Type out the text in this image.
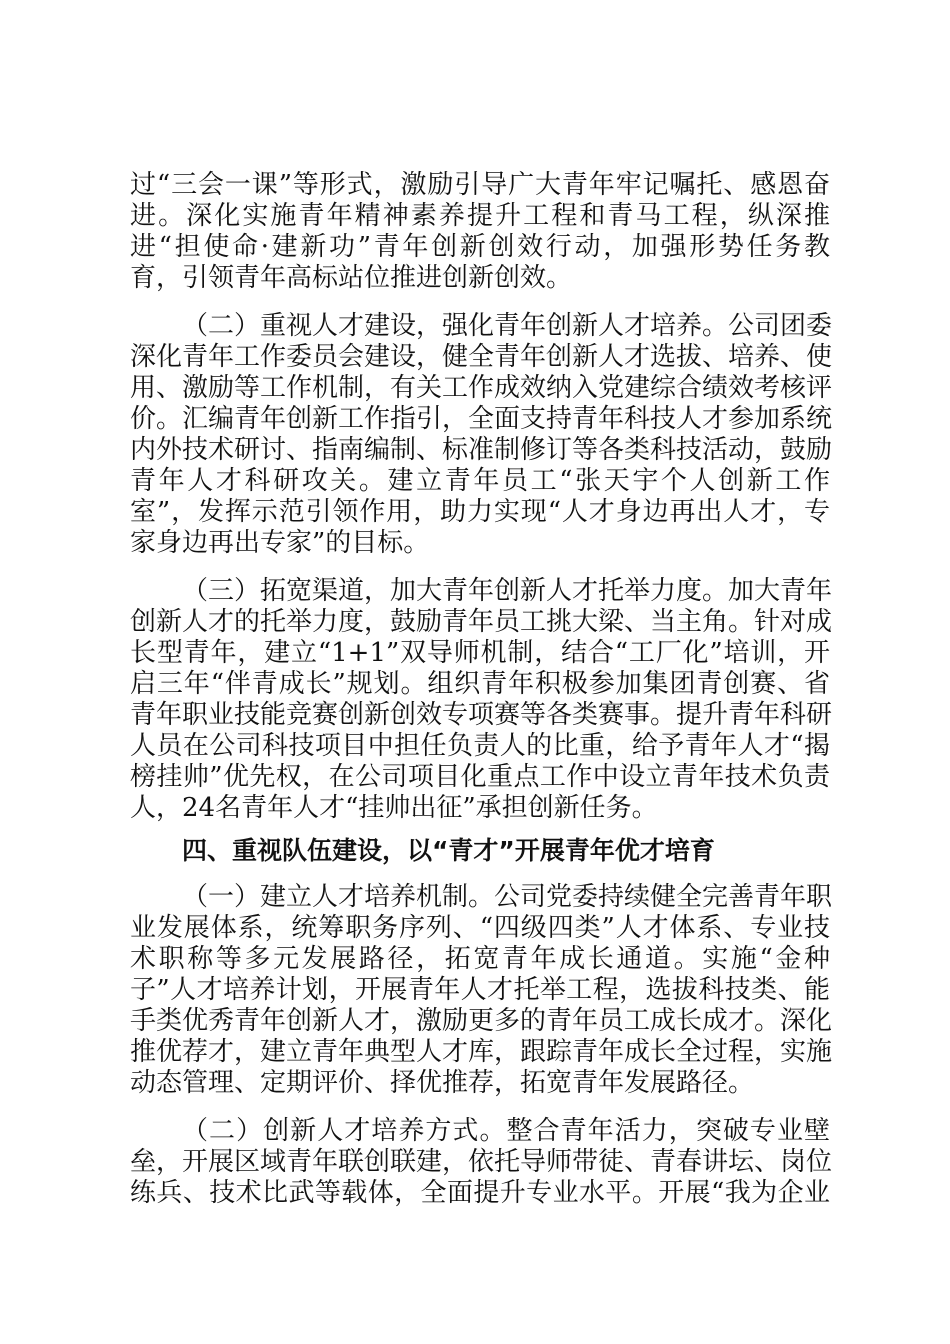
过“三会一课”等形式，激励引导广大青年牢记嘱托、感恩奋
进。深化实施青年精神素养提升工程和青马工程，纵深推
进“担使命·建新功”青年创新创效行动，加强形势任务教
育，引领青年高标站位推进创新创效。
（二）重视人才建设，强化青年创新人才培养。公司团委
深化青年工作委员会建设，健全青年创新人才选拔、培养、使
用、激励等工作机制，有关工作成效纳入党建综合绩效考核评
价。汇编青年创新工作指引，全面支持青年科技人才参加系统
内外技术研讨、指南编制、标准制修订等各类科技活动，鼓励
青年人才科研攻关。建立青年员工“张天宇个人创新工作
室”，发挥示范引领作用，助力实现“人才身边再出人才，专
家身边再出专家”的目标。
（三）拓宽渠道，加大青年创新人才托举力度。加大青年
创新人才的托举力度，鼓励青年员工挑大梁、当主角。针对成
长型青年，建立“1+1”双导师机制，结合“工厂化”培训，开
启三年“伴青成长”规划。组织青年积极参加集团青创赛、省
青年职业技能竞赛创新创效专项赛等各类赛事。提升青年科研
人员在公司科技项目中担任负责人的比重，给予青年人才“揭
榜挂帅”优先权，在公司项目化重点工作中设立青年技术负责
人，24名青年人才“挂帅出征”承担创新任务。
四、重视队伍建设，以“青才”开展青年优才培育
（一）建立人才培养机制。公司党委持续健全完善青年职
业发展体系，统筹职务序列、“四级四类”人才体系、专业技
术职称等多元发展路径，拓宽青年成长通道。实施“金种
子”人才培养计划，开展青年人才托举工程，选拔科技类、能
手类优秀青年创新人才，激励更多的青年员工成长成才。深化
推优荐才，建立青年典型人才库，跟踪青年成长全过程，实施
动态管理、定期评价、择优推荐，拓宽青年发展路径。
（二）创新人才培养方式。整合青年活力，突破专业壁
垒，开展区域青年联创联建，依托导师带徒、青春讲坛、岗位
练兵、技术比武等载体，全面提升专业水平。开展“我为企业
